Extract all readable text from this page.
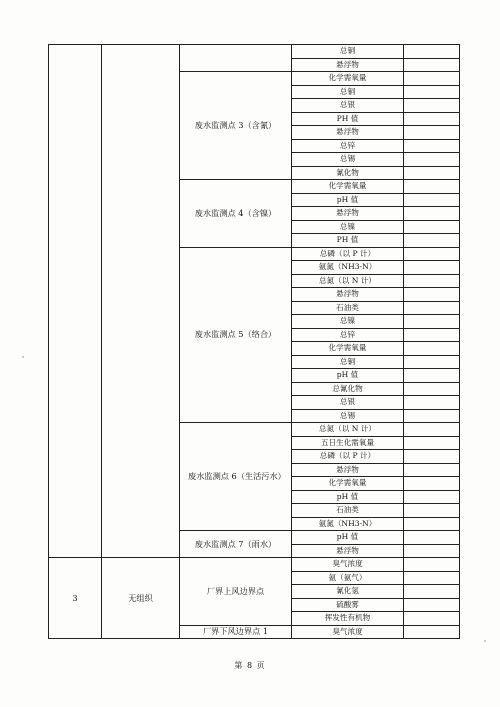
			总铜	
			悬浮物	
		废水监测点 3（含氰）	化学需氧量	
			总铜	
			总银	
			PH 值	
			悬浮物	
			总锌	
			总锡	
			氰化物	
		废水监测点 4（含镍）	化学需氧量	
			pH 值	
			悬浮物	
			总镍	
			PH 值	
		废水监测点 5（络合）	总磷（以 P 计）	
			氨氮（NH3-N）	
			总氮（以 N 计）	
			悬浮物	
			石油类	
			总镍	
			总锌	
			化学需氧量	
			总铜	
			pH 值	
			总氰化物	
			总银	
			总锡	
		废水监测点 6（生活污水）	总氮（以 N 计）	
			五日生化需氧量	
			总磷（以 P 计）	
			悬浮物	
			化学需氧量	
			pH 值	
			石油类	
			氨氮（NH3-N）	
		废水监测点 7（雨水）	pH 值	
			悬浮物	
3	无组织	厂界上风边界点	臭气浓度	
			氨（氨气）	
			氰化氢	
			硫酸雾	
			挥发性有机物	
		厂界下风边界点 1	臭气浓度	
第 8 页
